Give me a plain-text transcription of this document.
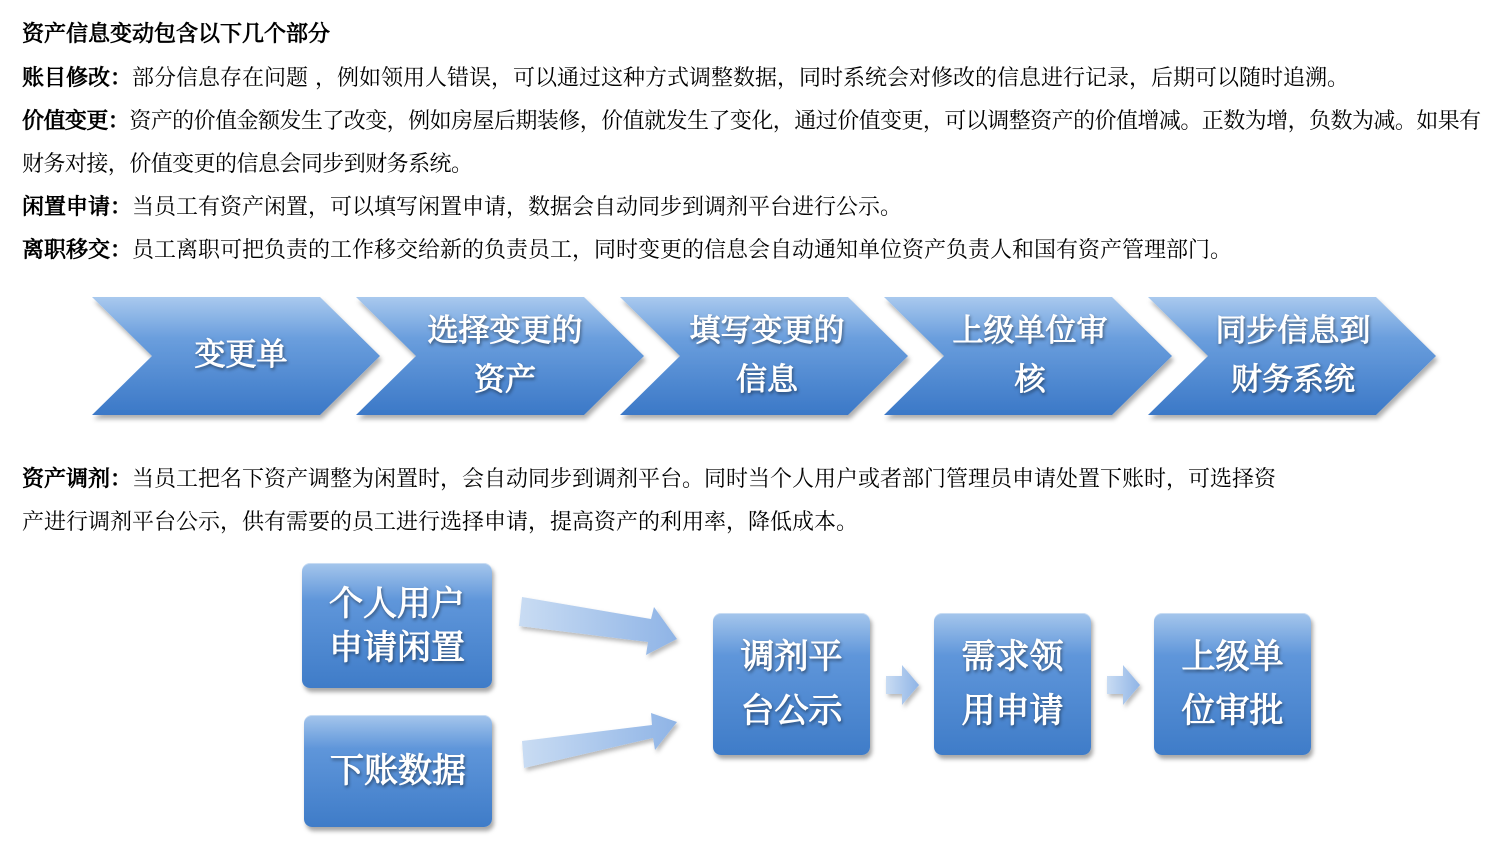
资产信息变动包含以下几个部分
账目修改：部分信息存在问题 ，例如领用人错误，可以通过这种方式调整数据，同时系统会对修改的信息进行记录，后期可以随时追溯。
价值变更：资产的价值金额发生了改变，例如房屋后期装修，价值就发生了变化，通过价值变更，可以调整资产的价值增减。正数为增，负数为减。如果有财务对接，价值变更的信息会同步到财务系统。
闲置申请：当员工有资产闲置，可以填写闲置申请，数据会自动同步到调剂平台进行公示。
离职移交：员工离职可把负责的工作移交给新的负责员工，同时变更的信息会自动通知单位资产负责人和国有资产管理部门。
变更单
选择变更的
资产
填写变更的
信息
上级单位审
核
同步信息到
财务系统
资产调剂：当员工把名下资产调整为闲置时，会自动同步到调剂平台。同时当个人用户或者部门管理员申请处置下账时，可选择资
产进行调剂平台公示，供有需要的员工进行选择申请，提高资产的利用率，降低成本。
个人用户
申请闲置
下账数据
调剂平
台公示
需求领
用申请
上级单
位审批
